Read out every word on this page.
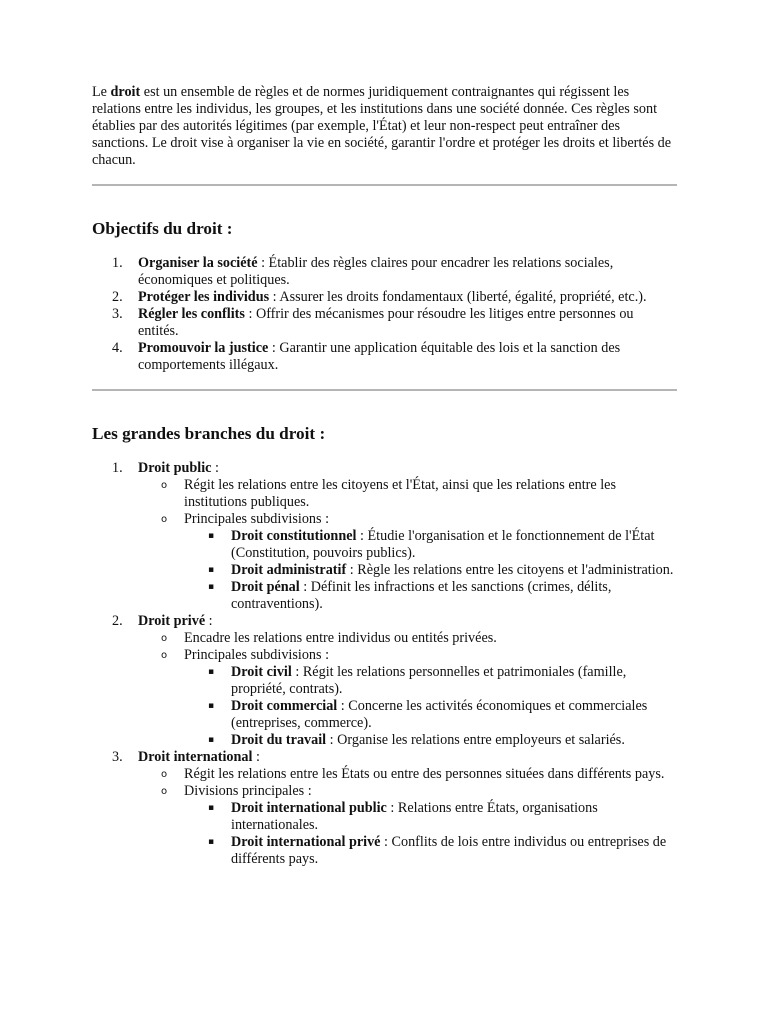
Le droit est un ensemble de règles et de normes juridiquement contraignantes qui régissent les relations entre les individus, les groupes, et les institutions dans une société donnée. Ces règles sont établies par des autorités légitimes (par exemple, l'État) et leur non-respect peut entraîner des sanctions. Le droit vise à organiser la vie en société, garantir l'ordre et protéger les droits et libertés de chacun.

Objectifs du droit :
1. Organiser la société : Établir des règles claires pour encadrer les relations sociales, économiques et politiques.
2. Protéger les individus : Assurer les droits fondamentaux (liberté, égalité, propriété, etc.).
3. Régler les conflits : Offrir des mécanismes pour résoudre les litiges entre personnes ou entités.
4. Promouvoir la justice : Garantir une application équitable des lois et la sanction des comportements illégaux.
Les grandes branches du droit :
1. Droit public :
o Régit les relations entre les citoyens et l'État, ainsi que les relations entre les institutions publiques.
o Principales subdivisions :
▪ Droit constitutionnel : Étudie l'organisation et le fonctionnement de l'État (Constitution, pouvoirs publics).
▪ Droit administratif : Règle les relations entre les citoyens et l'administration.
▪ Droit pénal : Définit les infractions et les sanctions (crimes, délits, contraventions).
2. Droit privé :
o Encadre les relations entre individus ou entités privées.
o Principales subdivisions :
▪ Droit civil : Régit les relations personnelles et patrimoniales (famille, propriété, contrats).
▪ Droit commercial : Concerne les activités économiques et commerciales (entreprises, commerce).
▪ Droit du travail : Organise les relations entre employeurs et salariés.
3. Droit international :
o Régit les relations entre les États ou entre des personnes situées dans différents pays.
o Divisions principales :
▪ Droit international public : Relations entre États, organisations internationales.
▪ Droit international privé : Conflits de lois entre individus ou entreprises de différents pays.
